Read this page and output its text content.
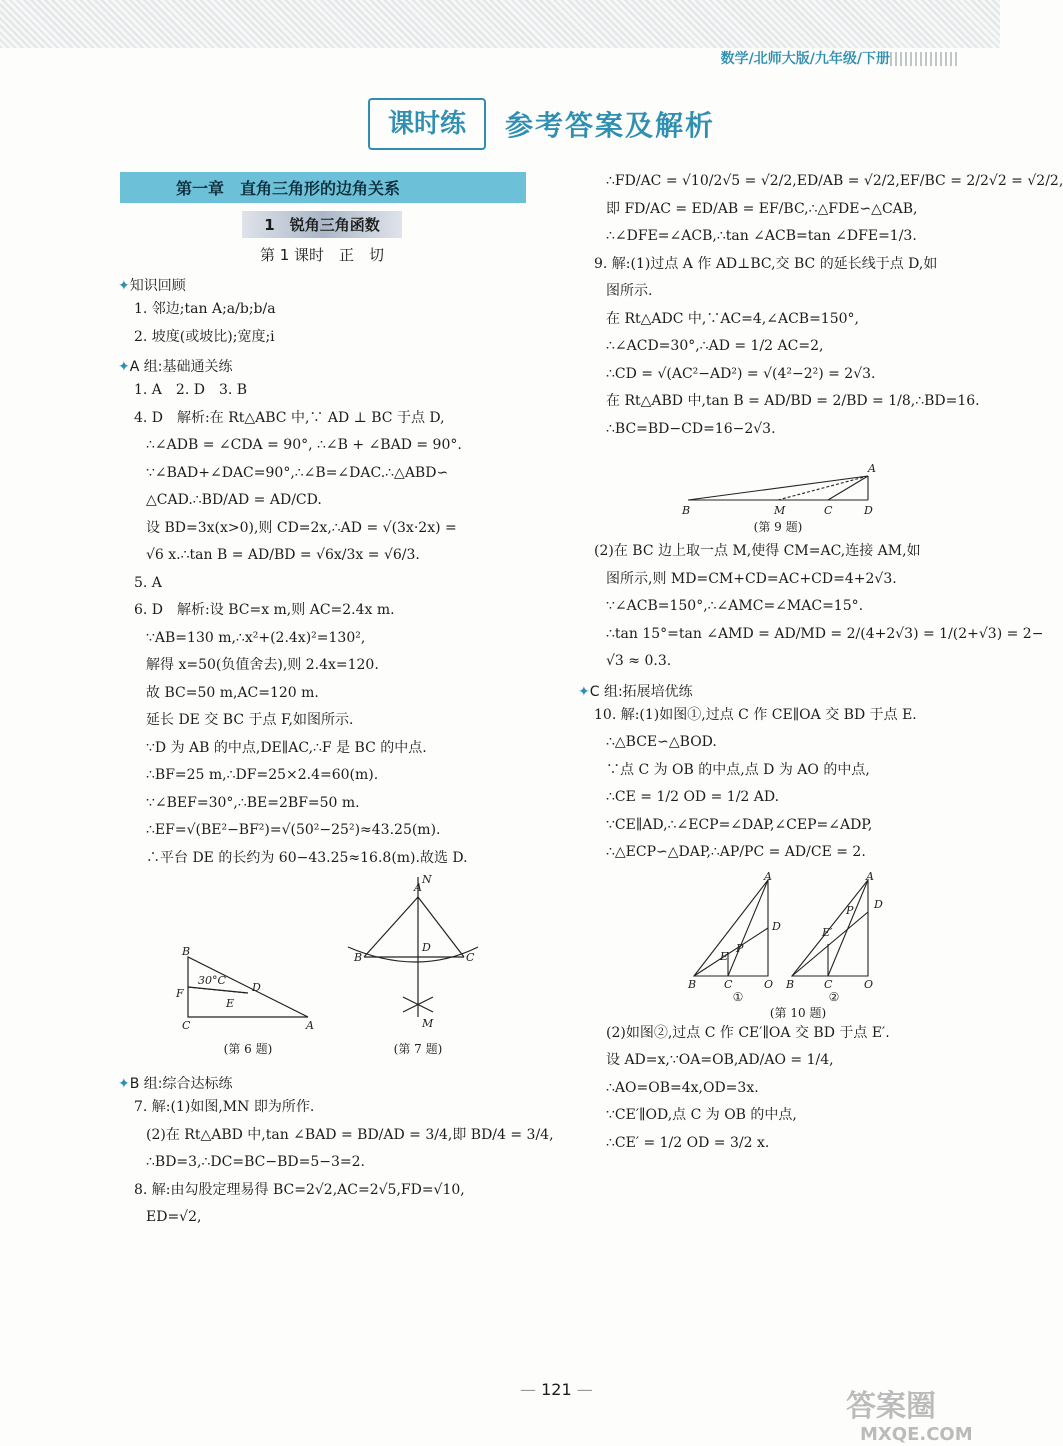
数学/北师大版/九年级/下册
课时练	参考答案及解析
第一章　直角三角形的边角关系
1　锐角三角函数
第 1 课时　正　切
✦知识回顾
1. 邻边;tan A;a/b;b/a
2. 坡度(或坡比);宽度;i
✦A 组:基础通关练
1. A　2. D　3. B
4. D　解析:在 Rt△ABC 中,∵ AD ⊥ BC 于点 D,
∴∠ADB = ∠CDA = 90°, ∴∠B + ∠BAD = 90°.
∵∠BAD+∠DAC=90°,∴∠B=∠DAC.∴△ABD∽
△CAD.∴BD/AD = AD/CD.
设 BD=3x(x>0),则 CD=2x,∴AD = √(3x·2x) =
√6 x.∴tan B = AD/BD = √6x/3x = √6/3.
5. A
6. D　解析:设 BC=x m,则 AC=2.4x m.
∵AB=130 m,∴x²+(2.4x)²=130²,
解得 x=50(负值舍去),则 2.4x=120.
故 BC=50 m,AC=120 m.
延长 DE 交 BC 于点 F,如图所示.
∵D 为 AB 的中点,DE∥AC,∴F 是 BC 的中点.
∴BF=25 m,∴DF=25×2.4=60(m).
∵∠BEF=30°,∴BE=2BF=50 m.
∴EF=√(BE²−BF²)=√(50²−25²)≈43.25(m).
∴平台 DE 的长约为 60−43.25≈16.8(m).故选 D.
B
F
30°C
E
D
C	A
A
N
B	C
D
M
(第 6 题)	(第 7 题)
✦B 组:综合达标练
7. 解:(1)如图,MN 即为所作.
(2)在 Rt△ABD 中,tan ∠BAD = BD/AD = 3/4,即 BD/4 = 3/4,
∴BD=3,∴DC=BC−BD=5−3=2.
8. 解:由勾股定理易得 BC=2√2,AC=2√5,FD=√10,
ED=√2,
∴FD/AC = √10/2√5 = √2/2,ED/AB = √2/2,EF/BC = 2/2√2 = √2/2,
即 FD/AC = ED/AB = EF/BC,∴△FDE∽△CAB,
∴∠DFE=∠ACB,∴tan ∠ACB=tan ∠DFE=1/3.
9. 解:(1)过点 A 作 AD⊥BC,交 BC 的延长线于点 D,如
图所示.
在 Rt△ADC 中,∵AC=4,∠ACB=150°,
∴∠ACD=30°,∴AD = 1/2 AC=2,
∴CD = √(AC²−AD²) = √(4²−2²) = 2√3.
在 Rt△ABD 中,tan B = AD/BD = 2/BD = 1/8,∴BD=16.
∴BC=BD−CD=16−2√3.
B	M	C	D
A
(第 9 题)
(2)在 BC 边上取一点 M,使得 CM=AC,连接 AM,如
图所示,则 MD=CM+CD=AC+CD=4+2√3.
∵∠ACB=150°,∴∠AMC=∠MAC=15°.
∴tan 15°=tan ∠AMD = AD/MD = 2/(4+2√3) = 1/(2+√3) = 2−
√3 ≈ 0.3.
✦C 组:拓展培优练
10. 解:(1)如图①,过点 C 作 CE∥OA 交 BD 于点 E.
∴△BCE∽△BOD.
∵点 C 为 OB 的中点,点 D 为 AO 的中点,
∴CE = 1/2 OD = 1/2 AD.
∵CE∥AD,∴∠ECP=∠DAP,∠CEP=∠ADP,
∴△ECP∽△DAP,∴AP/PC = AD/CE = 2.
B	C	O
A
D
P
E
B	C	O
A
D
P
E′
①	②
(第 10 题)
(2)如图②,过点 C 作 CE′∥OA 交 BD 于点 E′.
设 AD=x,∵OA=OB,AD/AO = 1/4,
∴AO=OB=4x,OD=3x.
∵CE′∥OD,点 C 为 OB 的中点,
∴CE′ = 1/2 OD = 3/2 x.
— 121 —	答案圈
MXQE.COM
